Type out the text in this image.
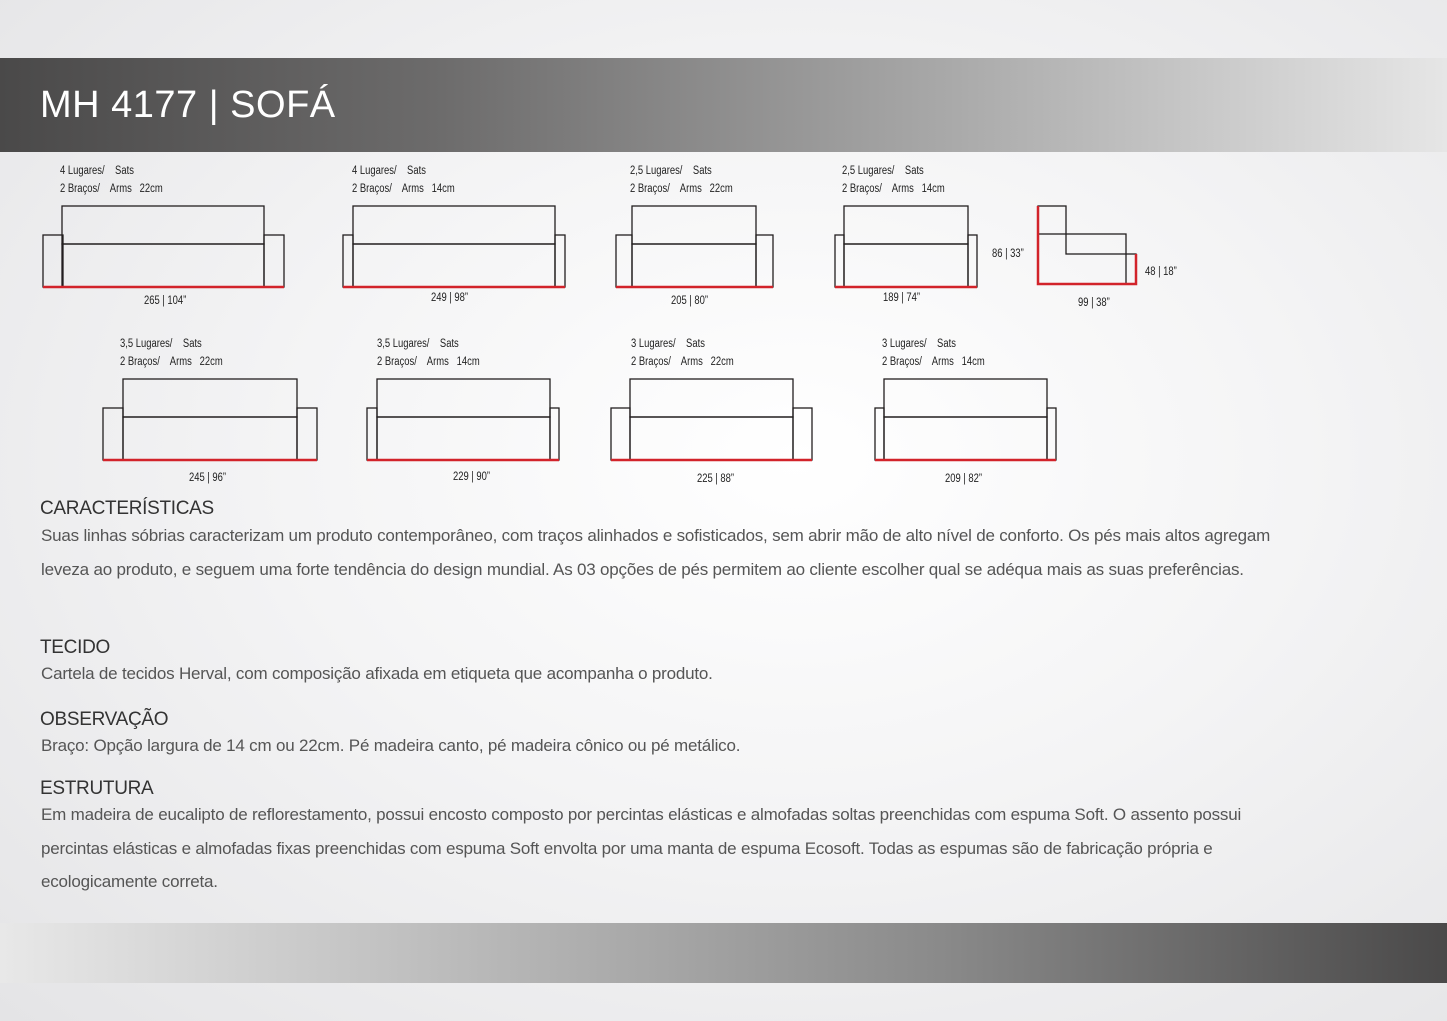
MH 4177 | SOFÁ
4 Lugares/    Sats
2 Braços/    Arms   22cm
265 | 104”
4 Lugares/    Sats
2 Braços/    Arms   14cm
249 | 98”
2,5 Lugares/    Sats
2 Braços/    Arms   22cm
205 | 80”
2,5 Lugares/    Sats
2 Braços/    Arms   14cm
189 | 74”
86 | 33”
48 | 18”
99 | 38”
3,5 Lugares/    Sats
2 Braços/    Arms   22cm
245 | 96”
3,5 Lugares/    Sats
2 Braços/    Arms   14cm
229 | 90”
3 Lugares/    Sats
2 Braços/    Arms   22cm
225 | 88”
3 Lugares/    Sats
2 Braços/    Arms   14cm
209 | 82”
CARACTERÍSTICAS

Suas linhas sóbrias caracterizam um produto contemporâneo, com traços alinhados e sofisticados, sem abrir mão de alto nível de conforto. Os pés mais altos agregam leveza ao produto, e seguem uma forte tendência do design mundial. As 03 opções de pés permitem ao cliente escolher qual se adéqua mais as suas preferências.

TECIDO

Cartela de tecidos Herval, com composição afixada em etiqueta que acompanha o produto.

OBSERVAÇÃO

Braço: Opção largura de 14 cm ou 22cm. Pé madeira canto, pé madeira cônico ou pé metálico.

ESTRUTURA

Em madeira de eucalipto de reflorestamento, possui encosto composto por percintas elásticas e almofadas soltas preenchidas com espuma Soft. O assento possui percintas elásticas e almofadas fixas preenchidas com espuma Soft envolta por uma manta de espuma Ecosoft. Todas as espumas são de fabricação própria e ecologicamente correta.
